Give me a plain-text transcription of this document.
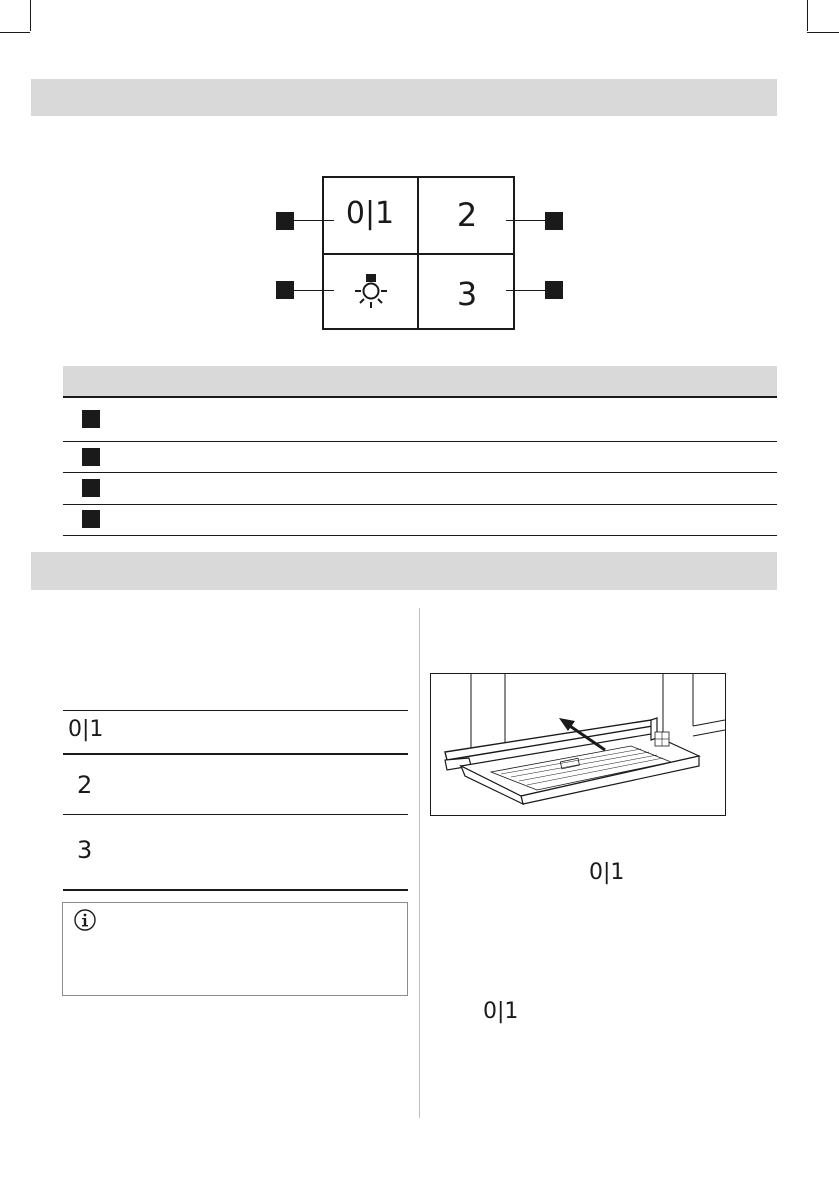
0|1	2
3
0|1
2
3
0|1
0|1
